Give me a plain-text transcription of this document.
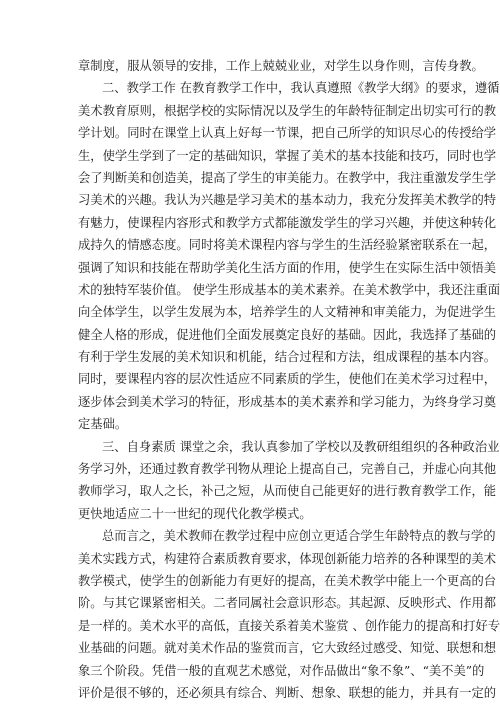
章制度，服从领导的安排，工作上兢兢业业，对学生以身作则，言传身教。
二、教学工作 在教育教学工作中，我认真遵照《教学大纲》的要求，遵循
美术教育原则，根据学校的实际情况以及学生的年龄特征制定出切实可行的教
学计划。同时在课堂上认真上好每一节课，把自己所学的知识尽心的传授给学
生，使学生学到了一定的基础知识，掌握了美术的基本技能和技巧，同时也学
会了判断美和创造美，提高了学生的审美能力。在教学中，我注重激发学生学
习美术的兴趣。我认为兴趣是学习美术的基本动力，我充分发挥美术教学的特
有魅力，使课程内容形式和教学方式都能激发学生的学习兴趣，并使这种转化
成持久的情感态度。同时将美术课程内容与学生的生活经验紧密联系在一起，
强调了知识和技能在帮助学美化生活方面的作用，使学生在实际生活中领悟美
术的独特军装价值。 使学生形成基本的美术素养。在美术教学中，我还注重面
向全体学生，以学生发展为本，培养学生的人文精神和审美能力，为促进学生
健全人格的形成，促进他们全面发展奠定良好的基础。因此，我选择了基础的
有利于学生发展的美术知识和机能，结合过程和方法，组成课程的基本内容。
同时，要课程内容的层次性适应不同素质的学生，使他们在美术学习过程中，
逐步体会到美术学习的特征，形成基本的美术素养和学习能力，为终身学习奠
定基础。
三、自身素质 课堂之余，我认真参加了学校以及教研组组织的各种政治业
务学习外，还通过教育教学刊物从理论上提高自己，完善自己，并虚心向其他
教师学习，取人之长，补己之短，从而使自己能更好的进行教育教学工作，能
更快地适应二十一世纪的现代化教学模式。
总而言之，美术教师在教学过程中应创立更适合学生年龄特点的教与学的
美术实践方式，构建符合素质教育要求，体现创新能力培养的各种课型的美术
教学模式，使学生的创新能力有更好的提高，在美术教学中能上一个更高的台
阶。与其它课紧密相关。二者同属社会意识形态。其起源、反映形式、作用都
是一样的。美术水平的高低，直接关系着美术鉴赏 、创作能力的提高和打好专
业基础的问题。就对美术作品的鉴赏而言，它大致经过感受、知觉、联想和想
象三个阶段。凭借一般的直观艺术感觉，对作品做出“象不象”、“美不美”的
评价是很不够的，还必须具有综合、判断、想象、联想的能力，并具有一定的
